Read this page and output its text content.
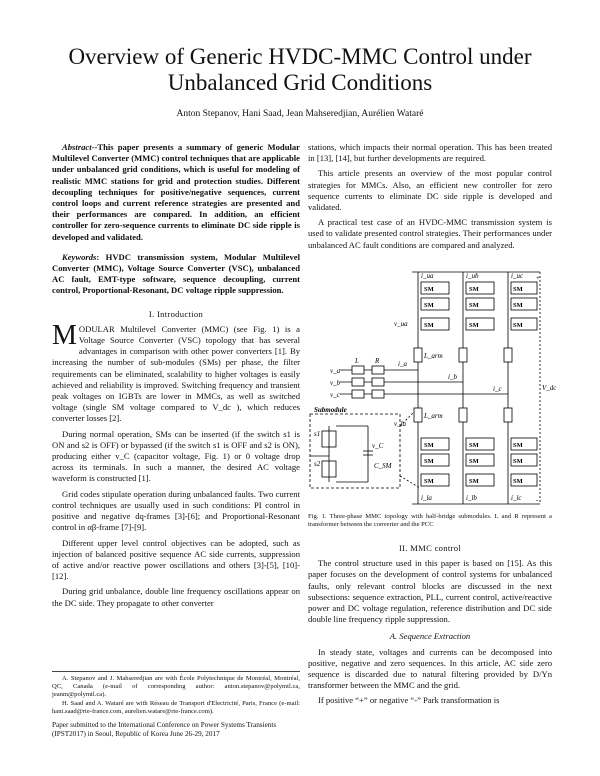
Overview of Generic HVDC-MMC Control under Unbalanced Grid Conditions
Anton Stepanov, Hani Saad, Jean Mahseredjian, Aurélien Wataré

Abstract--This paper presents a summary of generic Modular Multilevel Converter (MMC) control techniques that are applicable under unbalanced grid conditions, which is useful for modeling of realistic MMC stations for grid and protection studies. Different decoupling techniques for positive/negative sequences, current control loops and current reference strategies are presented and their performances are compared. In addition, an efficient controller for zero-sequence currents to eliminate DC side ripple is developed and validated.

Keywords: HVDC transmission system, Modular Multilevel Converter (MMC), Voltage Source Converter (VSC), unbalanced AC fault, EMT-type software, sequence decoupling, current control, Proportional-Resonant, DC voltage ripple suppression.

I. Introduction

MODULAR Multilevel Converter (MMC) (see Fig. 1) is a Voltage Source Converter (VSC) topology that has several advantages in comparison with other power converters [1]. By increasing the number of sub-modules (SMs) per phase, the filter requirements can be eliminated, scalability to higher voltages is easily achieved and reliability is improved. Switching frequency and transient peak voltages on IGBTs are lower in MMCs, as well as switched voltage (single SM voltage compared to V_dc ), which reduces converter losses [2].

During normal operation, SMs can be inserted (if the switch s1 is ON and s2 is OFF) or bypassed (if the switch s1 is OFF and s2 is ON), producing either v_C (capacitor voltage, Fig. 1) or 0 voltage drop across its terminals. In such a manner, the desired AC voltage waveform is constructed [1].

Grid codes stipulate operation during unbalanced faults. Two current control techniques are usually used in such conditions: PI control in positive and negative dq-frames [3]-[6]; and Proportional-Resonant control in αβ-frame [7]-[9].

Different upper level control objectives can be adopted, such as injection of balanced positive sequence AC side currents, suppression of active and/or reactive power oscillations and others [3]-[5], [10]-[12].

During grid unbalance, double line frequency oscillations appear on the DC side. They propagate to other converter

A. Stepanov and J. Mahseredjian are with École Polytechnique de Montréal, Montréal, QC, Canada (e-mail of corresponding author: anton.stepanov@polymtl.ca, jeanm@polymtl.ca).

H. Saad and A. Wataré are with Réseau de Transport d'Electricité, Paris, France (e-mail: hani.saad@rte-france.com, aurelien.watare@rte-france.com).

Paper submitted to the International Conference on Power Systems Transients (IPST2017) in Seoul, Republic of Korea June 26-29, 2017

stations, which impacts their normal operation. This has been treated in [13], [14], but further developments are required.

This article presents an overview of the most popular control strategies for MMCs. Also, an efficient new controller for zero sequence currents to eliminate DC side ripple is developed and validated.

A practical test case of an HVDC-MMC transmission system is used to validate presented control strategies. Their performances under unbalanced AC fault conditions are compared and analyzed.

SM
SM
SM
SM
SM
SM
SM
SM
SM
SM
SM
SM
SM
SM
SM
SM
SM
SM
i_ua	i_ub	i_uc
v_ua
v_la
i_a
i_b
i_c
v_a
v_b
v_c
L R
L_arm
L_arm
V_dc
i_la	i_lb	i_lc
s1
s2
v_C
C_SM
+
-
Submodule
Fig. 1. Three-phase MMC topology with half-bridge submodules. L and R represent a transformer between the converter and the PCC
II. MMC control

The control structure used in this paper is based on [15]. As this paper focuses on the development of control systems for unbalanced faults, only relevant control blocks are discussed in the next subsections: sequence extraction, PLL, current control, active/reactive power and DC voltage regulation, reference distribution and DC side double line frequency ripple suppression.

A. Sequence Extraction

In steady state, voltages and currents can be decomposed into positive, negative and zero sequences. In this article, AC side zero sequence is discarded due to natural filtering provided by D/Yn transformer between the MMC and the grid.

If positive “+” or negative “-” Park transformation is
